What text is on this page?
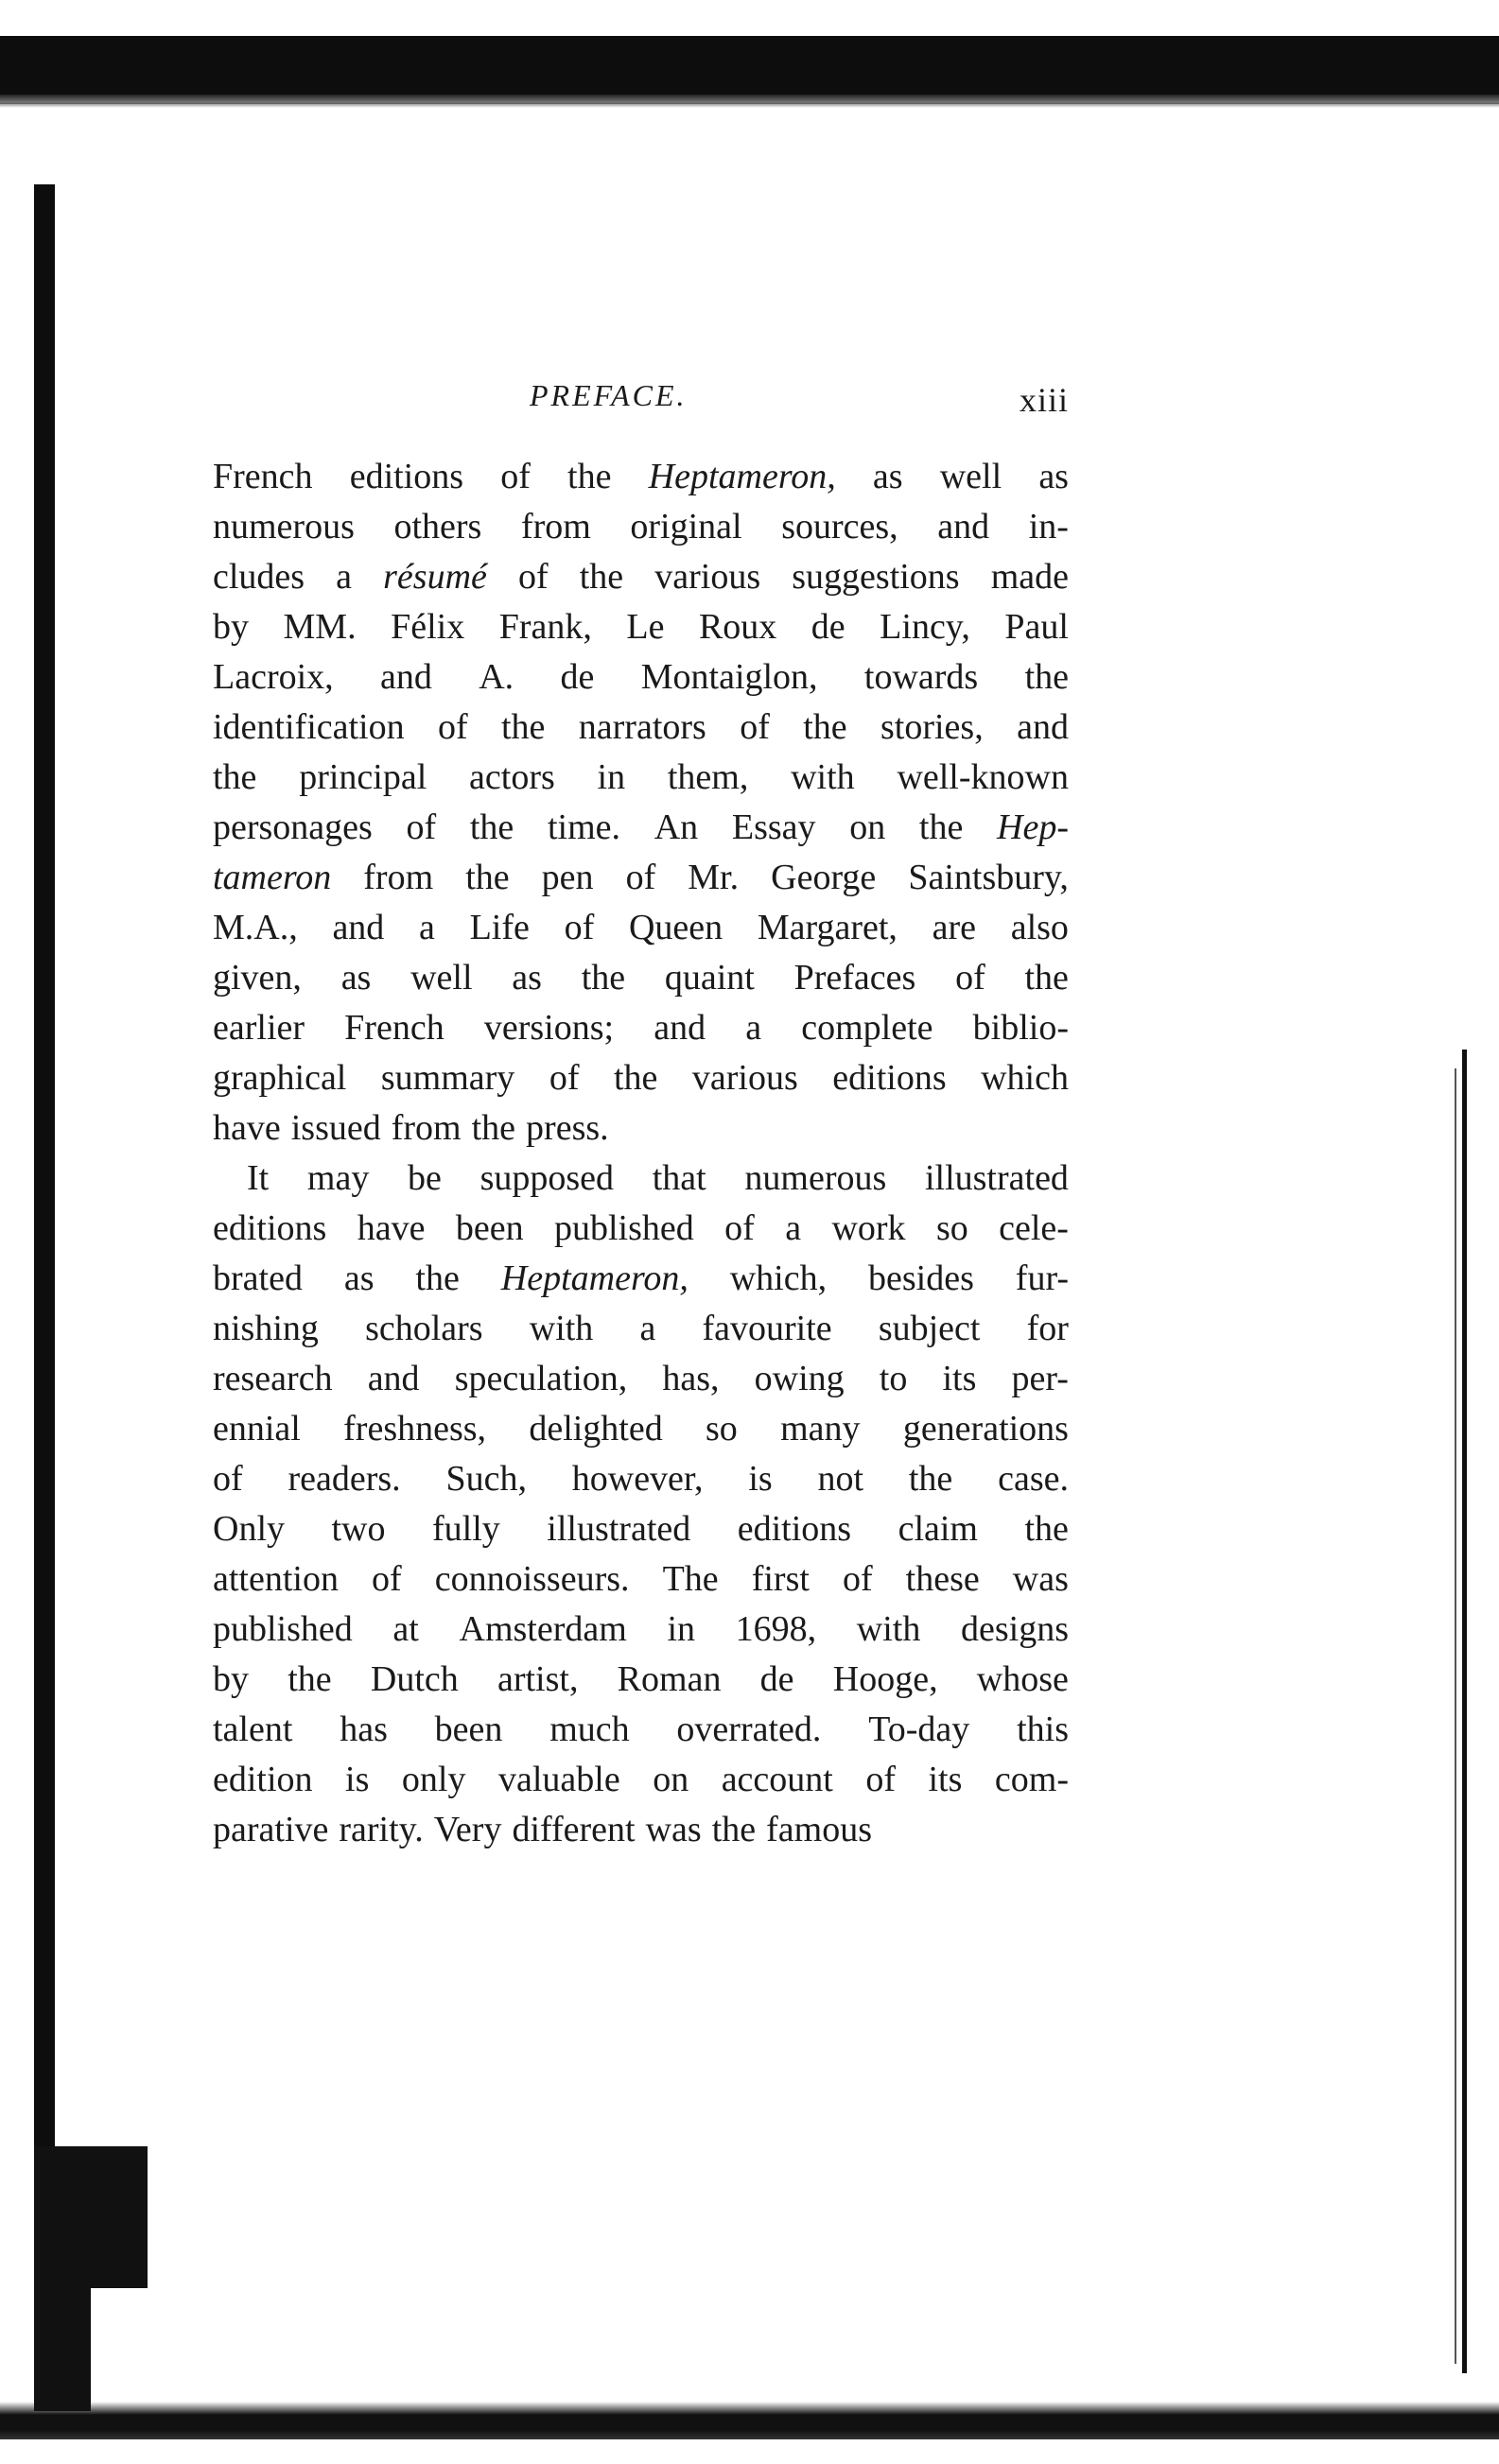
PREFACE.	xiii
French editions of the Heptameron, as well as
numerous others from original sources, and in-
cludes a résumé of the various suggestions made
by MM. Félix Frank, Le Roux de Lincy, Paul
Lacroix, and A. de Montaiglon, towards the
identification of the narrators of the stories, and
the principal actors in them, with well-known
personages of the time. An Essay on the Hep-
tameron from the pen of Mr. George Saintsbury,
M.A., and a Life of Queen Margaret, are also
given, as well as the quaint Prefaces of the
earlier French versions; and a complete biblio-
graphical summary of the various editions which
have issued from the press.
It may be supposed that numerous illustrated
editions have been published of a work so cele-
brated as the Heptameron, which, besides fur-
nishing scholars with a favourite subject for
research and speculation, has, owing to its per-
ennial freshness, delighted so many generations
of readers. Such, however, is not the case.
Only two fully illustrated editions claim the
attention of connoisseurs. The first of these was
published at Amsterdam in 1698, with designs
by the Dutch artist, Roman de Hooge, whose
talent has been much overrated. To-day this
edition is only valuable on account of its com-
parative rarity. Very different was the famous
